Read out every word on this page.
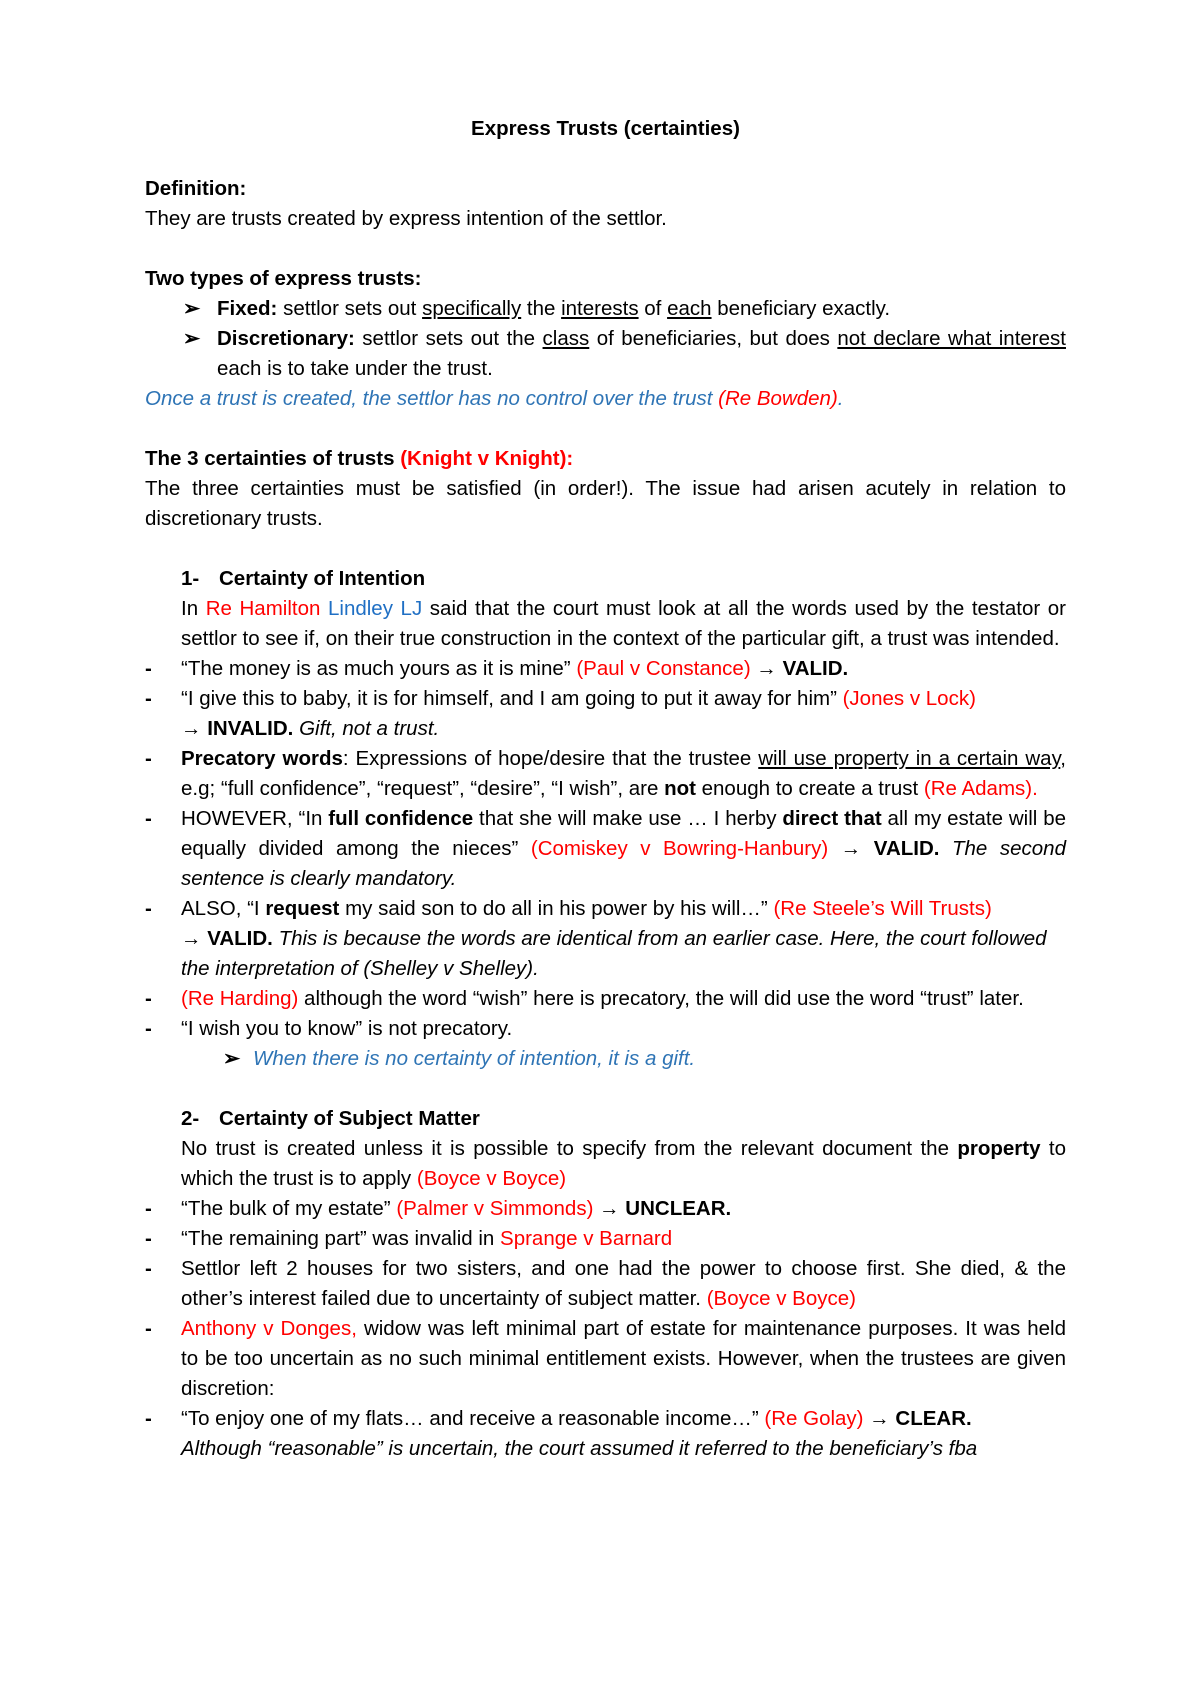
Express Trusts (certainties)

Definition:

They are trusts created by express intention of the settlor.

Two types of express trusts:

➢ Fixed: settlor sets out specifically the interests of each beneficiary exactly.
➢ Discretionary: settlor sets out the class of beneficiaries, but does not declare what interest each is to take under the trust.

Once a trust is created, the settlor has no control over the trust (Re Bowden).

The 3 certainties of trusts (Knight v Knight):

The three certainties must be satisfied (in order!). The issue had arisen acutely in relation to discretionary trusts.

1- Certainty of Intention

In Re Hamilton Lindley LJ said that the court must look at all the words used by the testator or settlor to see if, on their true construction in the context of the particular gift, a trust was intended.

- “The money is as much yours as it is mine” (Paul v Constance) → VALID.
- “I give this to baby, it is for himself, and I am going to put it away for him” (Jones v Lock)
→ INVALID. Gift, not a trust.
- Precatory words: Expressions of hope/desire that the trustee will use property in a certain way, e.g; “full confidence”, “request”, “desire”, “I wish”, are not enough to create a trust (Re Adams).
- HOWEVER, “In full confidence that she will make use … I herby direct that all my estate will be equally divided among the nieces” (Comiskey v Bowring-Hanbury) → VALID. The second sentence is clearly mandatory.
- ALSO, “I request my said son to do all in his power by his will…” (Re Steele’s Will Trusts)
→ VALID. This is because the words are identical from an earlier case. Here, the court followed the interpretation of (Shelley v Shelley).
- (Re Harding) although the word “wish” here is precatory, the will did use the word “trust” later.
- “I wish you to know” is not precatory.
➢ When there is no certainty of intention, it is a gift.

2- Certainty of Subject Matter

No trust is created unless it is possible to specify from the relevant document the property to which the trust is to apply (Boyce v Boyce)

- “The bulk of my estate” (Palmer v Simmonds) → UNCLEAR.
- “The remaining part” was invalid in Sprange v Barnard
- Settlor left 2 houses for two sisters, and one had the power to choose first. She died, & the other’s interest failed due to uncertainty of subject matter. (Boyce v Boyce)
- Anthony v Donges, widow was left minimal part of estate for maintenance purposes. It was held to be too uncertain as no such minimal entitlement exists. However, when the trustees are given discretion:
- “To enjoy one of my flats… and receive a reasonable income…” (Re Golay) → CLEAR.
Although “reasonable” is uncertain, the court assumed it referred to the beneficiary’s fba
